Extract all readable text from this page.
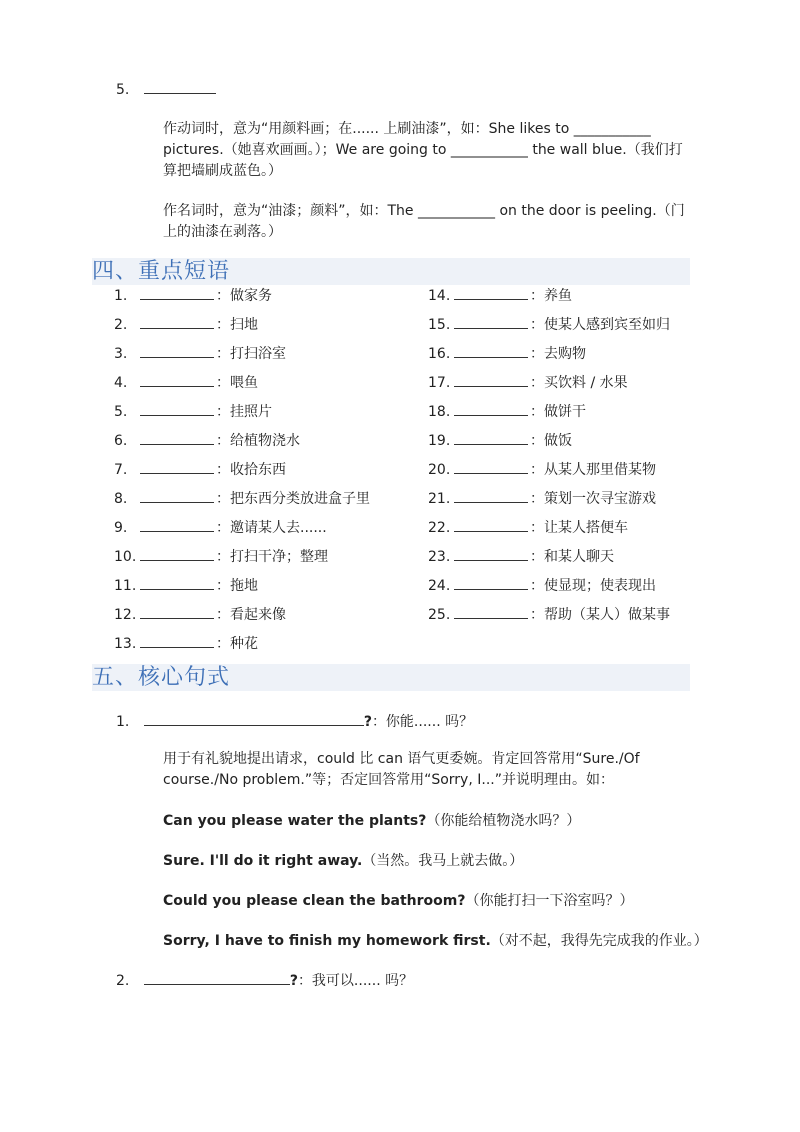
5.
作动词时，意为“用颜料画；在...... 上刷油漆”，如：She likes to ___________ pictures.（她喜欢画画。）；We are going to ___________ the wall blue.（我们打算把墙刷成蓝色。）
作名词时，意为“油漆；颜料”，如：The ___________ on the door is peeling.（门上的油漆在剥落。）
四、重点短语
1.	：做家务
2.	：扫地
3.	：打扫浴室
4.	：喂鱼
5.	：挂照片
6.	：给植物浇水
7.	：收拾东西
8.	：把东西分类放进盒子里
9.	：邀请某人去......
10.	：打扫干净；整理
11.	：拖地
12.	：看起来像
13.	：种花
14.	：养鱼
15.	：使某人感到宾至如归
16.	：去购物
17.	：买饮料 / 水果
18.	：做饼干
19.	：做饭
20.	：从某人那里借某物
21.	：策划一次寻宝游戏
22.	：让某人搭便车
23.	：和某人聊天
24.	：使显现；使表现出
25.	：帮助（某人）做某事
五、核心句式
1.	?：你能...... 吗？
用于有礼貌地提出请求，could 比 can 语气更委婉。肯定回答常用“Sure./Of course./No problem.”等；否定回答常用“Sorry, I...”并说明理由。如：
Can you please water the plants?（你能给植物浇水吗？）
Sure. I'll do it right away.（当然。我马上就去做。）
Could you please clean the bathroom?（你能打扫一下浴室吗？）
Sorry, I have to finish my homework first.（对不起，我得先完成我的作业。）
2.	?：我可以...... 吗？
